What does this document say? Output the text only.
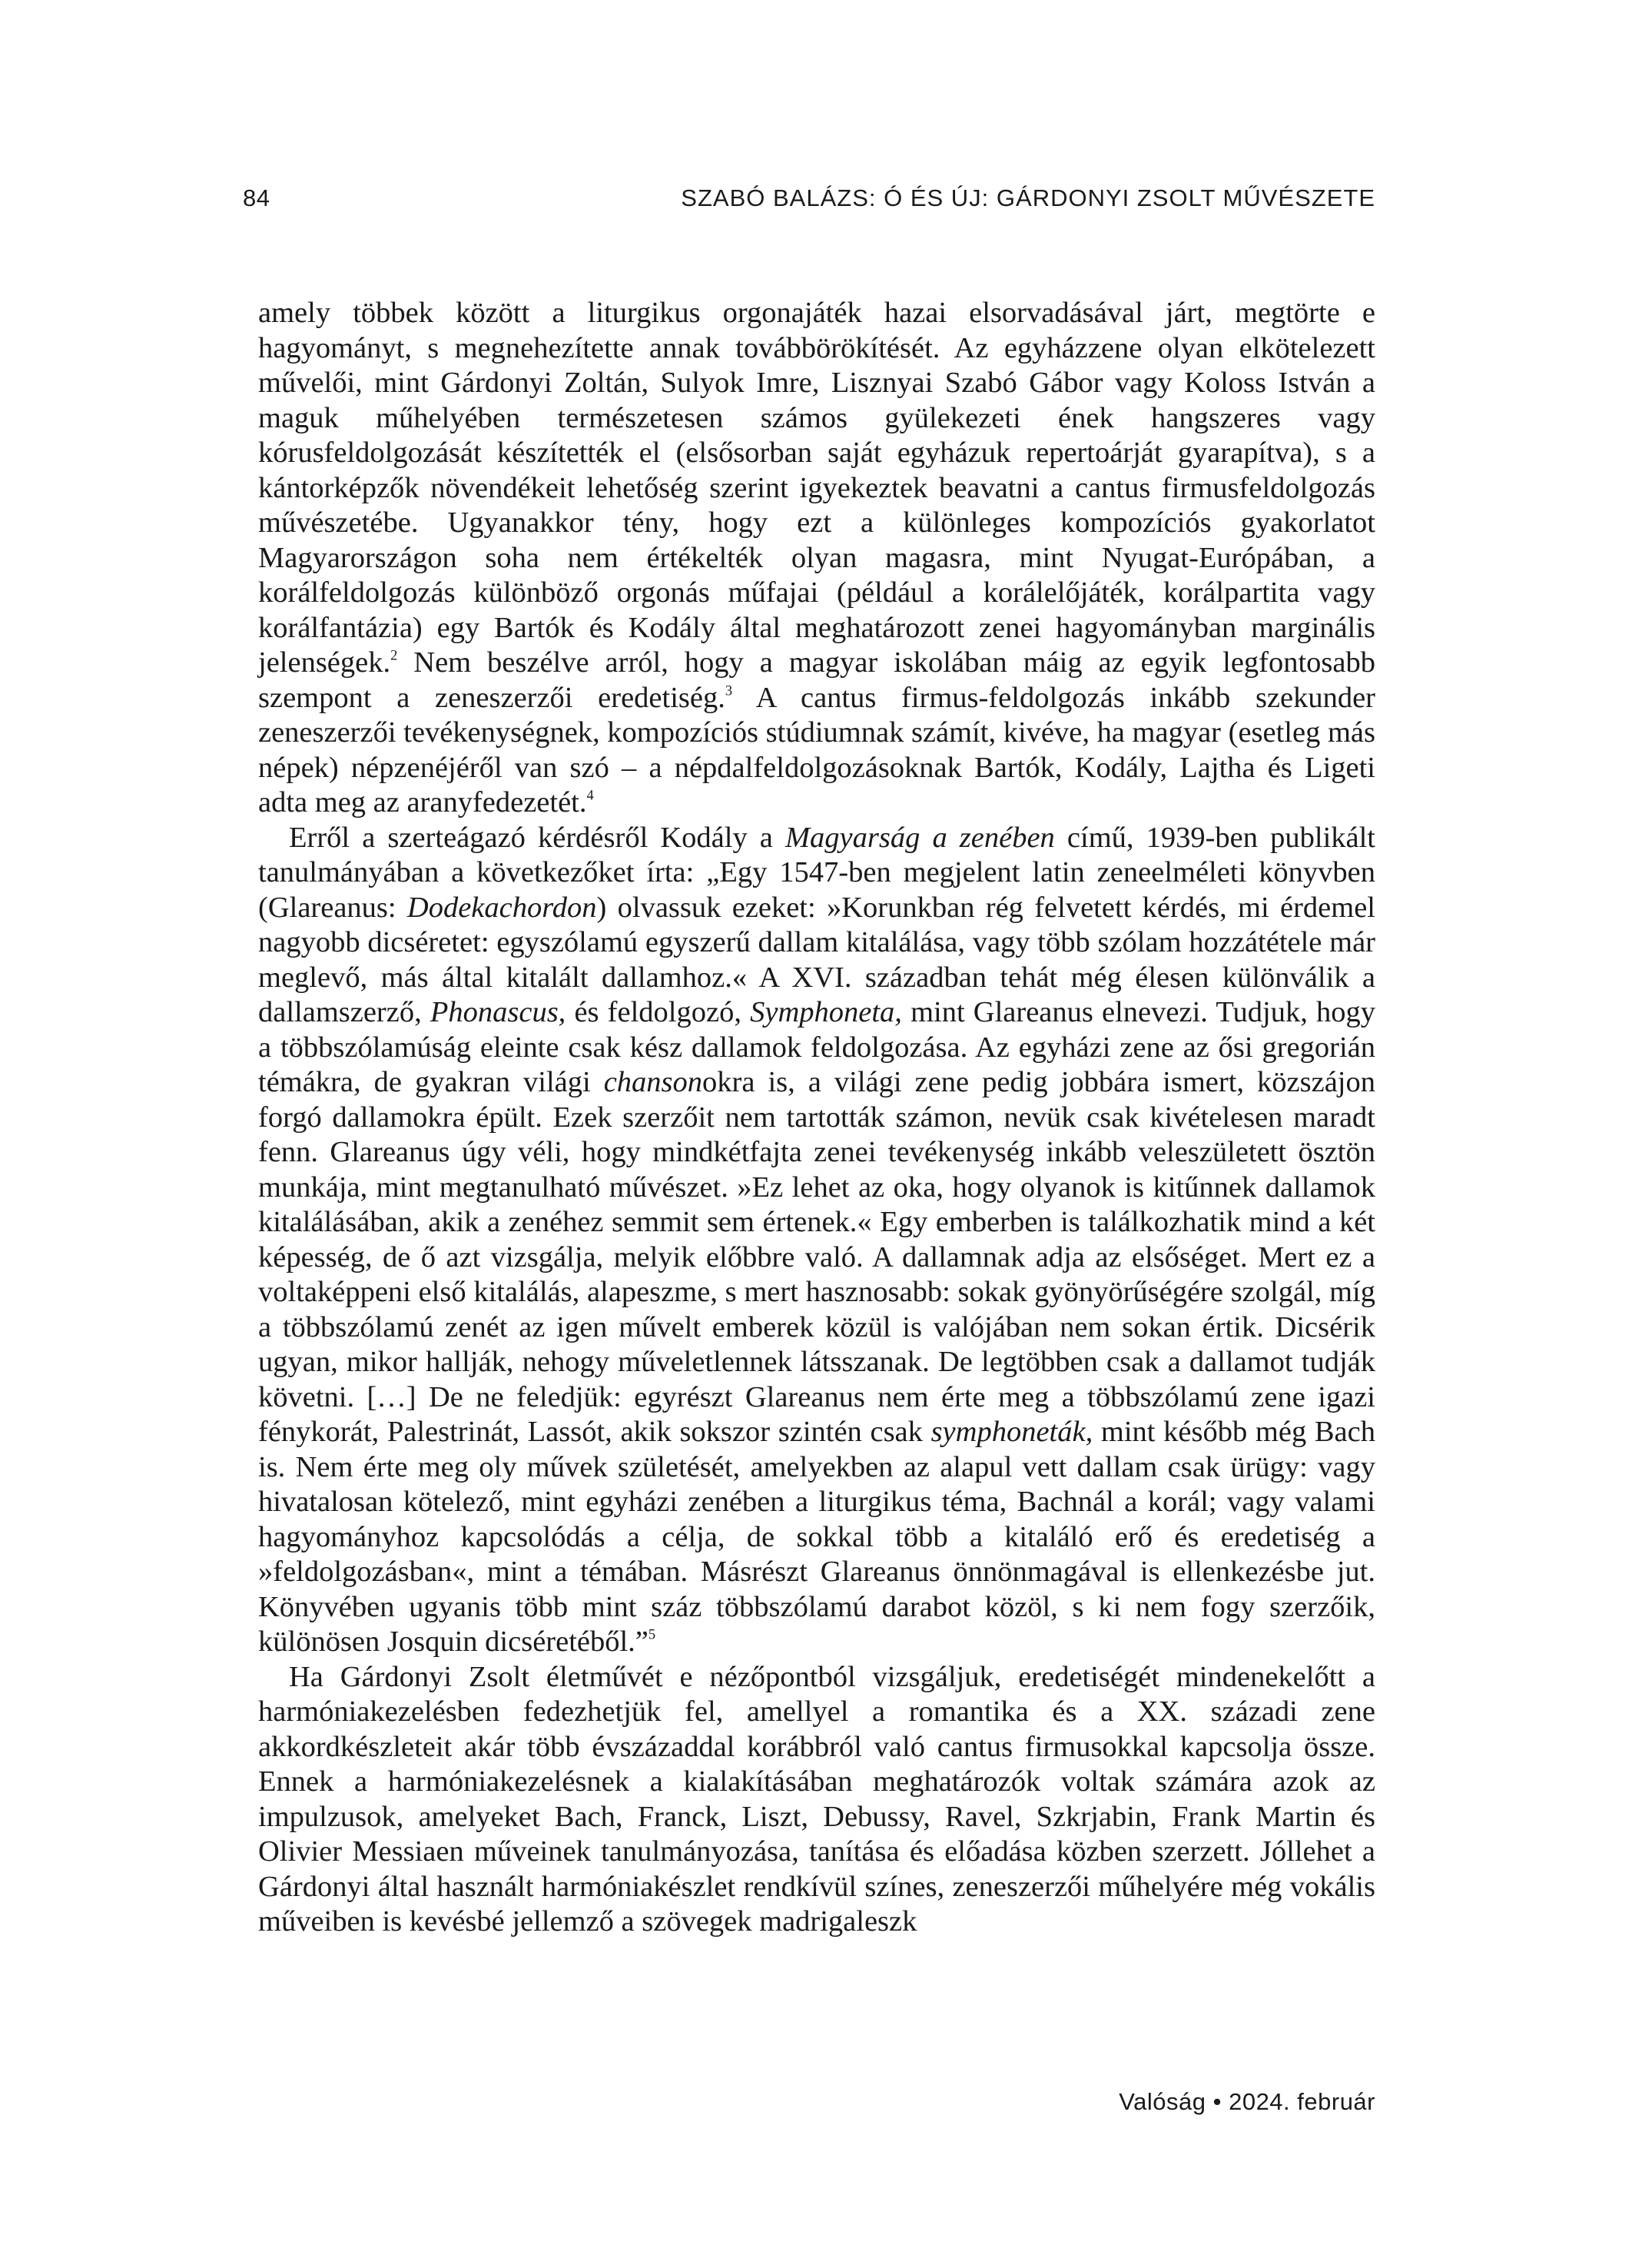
84	SZABÓ BALÁZS: Ó ÉS ÚJ: GÁRDONYI ZSOLT MŰVÉSZETE

amely többek között a liturgikus orgonajáték hazai elsorvadásával járt, megtörte e hagyományt, s megnehezítette annak továbbörökítését. Az egyházzene olyan elkötelezett művelői, mint Gárdonyi Zoltán, Sulyok Imre, Lisznyai Szabó Gábor vagy Koloss István a maguk műhelyében természetesen számos gyülekezeti ének hangszeres vagy kórusfeldolgozását készítették el (elsősorban saját egyházuk repertoárját gyarapítva), s a kántorképzők növendékeit lehetőség szerint igyekeztek beavatni a cantus firmusfeldolgozás művészetébe. Ugyanakkor tény, hogy ezt a különleges kompozíciós gyakorlatot Magyarországon soha nem értékelték olyan magasra, mint Nyugat-Európában, a korálfeldolgozás különböző orgonás műfajai (például a korálelőjáték, korálpartita vagy korálfantázia) egy Bartók és Kodály által meghatározott zenei hagyományban marginális jelenségek.$^2$ Nem beszélve arról, hogy a magyar iskolában máig az egyik legfontosabb szempont a zeneszerzői eredetiség.$^3$ A cantus firmus-feldolgozás inkább szekunder zeneszerzői tevékenységnek, kompozíciós stúdiumnak számít, kivéve, ha magyar (esetleg más népek) népzenéjéről van szó – a népdalfeldolgozásoknak Bartók, Kodály, Lajtha és Ligeti adta meg az aranyfedezetét.$^4$

Erről a szerteágazó kérdésről Kodály a Magyarság a zenében című, 1939-ben publikált tanulmányában a következőket írta: „Egy 1547-ben megjelent latin zeneelméleti könyvben (Glareanus: Dodekachordon) olvassuk ezeket: »Korunkban rég felvetett kérdés, mi érdemel nagyobb dicséretet: egyszólamú egyszerű dallam kitalálása, vagy több szólam hozzátétele már meglevő, más által kitalált dallamhoz.« A XVI. században tehát még élesen különválik a dallamszerző, Phonascus, és feldolgozó, Symphoneta, mint Glareanus elnevezi. Tudjuk, hogy a többszólamúság eleinte csak kész dallamok feldolgozása. Az egyházi zene az ősi gregorián témákra, de gyakran világi chansonokra is, a világi zene pedig jobbára ismert, közszájon forgó dallamokra épült. Ezek szerzőit nem tartották számon, nevük csak kivételesen maradt fenn. Glareanus úgy véli, hogy mindkétfajta zenei tevékenység inkább veleszületett ösztön munkája, mint megtanulható művészet. »Ez lehet az oka, hogy olyanok is kitűnnek dallamok kitalálásában, akik a zenéhez semmit sem értenek.« Egy emberben is találkozhatik mind a két képesség, de ő azt vizsgálja, melyik előbbre való. A dallamnak adja az elsőséget. Mert ez a voltaképpeni első kitalálás, alapeszme, s mert hasznosabb: sokak gyönyörűségére szolgál, míg a többszólamú zenét az igen művelt emberek közül is valójában nem sokan értik. Dicsérik ugyan, mikor hallják, nehogy műveletlennek látsszanak. De legtöbben csak a dallamot tudják követni. […] De ne feledjük: egyrészt Glareanus nem érte meg a többszólamú zene igazi fénykorát, Palestrinát, Lassót, akik sokszor szintén csak symphoneták, mint később még Bach is. Nem érte meg oly művek születését, amelyekben az alapul vett dallam csak ürügy: vagy hivatalosan kötelező, mint egyházi zenében a liturgikus téma, Bachnál a korál; vagy valami hagyományhoz kapcsolódás a célja, de sokkal több a kitaláló erő és eredetiség a »feldolgozásban«, mint a témában. Másrészt Glareanus önnönmagával is ellenkezésbe jut. Könyvében ugyanis több mint száz többszólamú darabot közöl, s ki nem fogy szerzőik, különösen Josquin dicséretéből.”$^5$

Ha Gárdonyi Zsolt életművét e nézőpontból vizsgáljuk, eredetiségét mindenekelőtt a harmóniakezelésben fedezhetjük fel, amellyel a romantika és a XX. századi zene akkordkészleteit akár több évszázaddal korábbról való cantus firmusokkal kapcsolja össze. Ennek a harmóniakezelésnek a kialakításában meghatározók voltak számára azok az impulzusok, amelyeket Bach, Franck, Liszt, Debussy, Ravel, Szkrjabin, Frank Martin és Olivier Messiaen műveinek tanulmányozása, tanítása és előadása közben szerzett. Jóllehet a Gárdonyi által használt harmóniakészlet rendkívül színes, zeneszerzői műhelyére még vokális műveiben is kevésbé jellemző a szövegek madrigaleszk

Valóság • 2024. február
